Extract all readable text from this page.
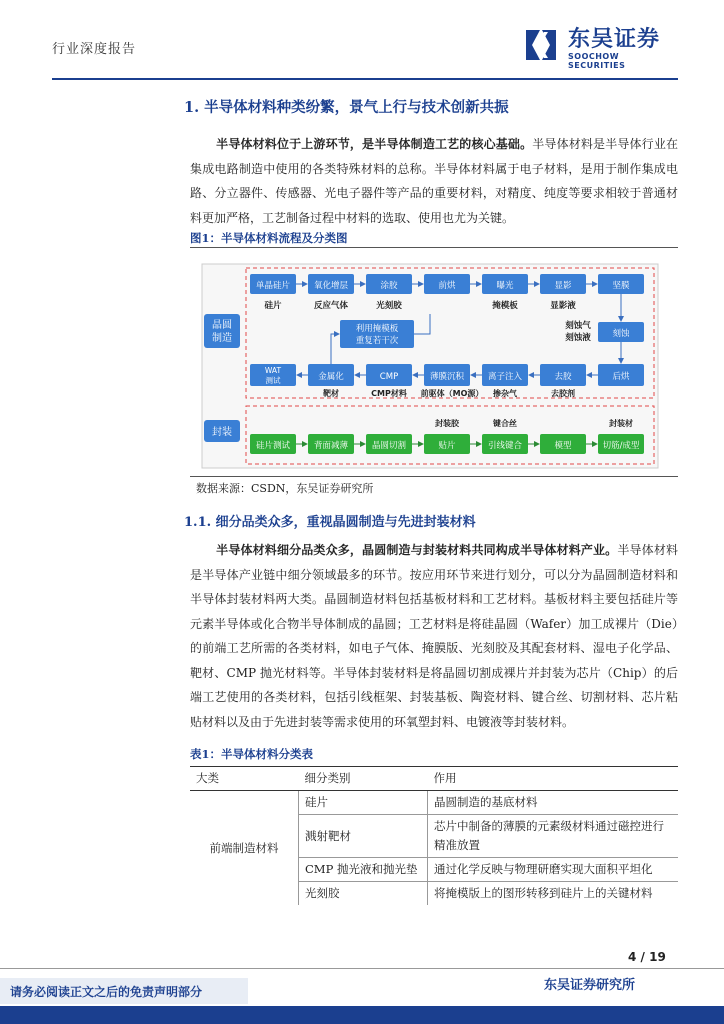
行业深度报告	东吴证券
SOOCHOW SECURITIES
1. 半导体材料种类纷繁，景气上行与技术创新共振
半导体材料位于上游环节，是半导体制造工艺的核心基础。半导体材料是半导体行业在集成电路制造中使用的各类特殊材料的总称。半导体材料属于电子材料，是用于制作集成电路、分立器件、传感器、光电子器件等产品的重要材料，对精度、纯度等要求相较于普通材料更加严格，工艺制备过程中材料的选取、使用也尤为关键。
图1：半导体材料流程及分类图
晶圆
制造
封装
单晶硅片	氧化增层	涂胶	前烘	曝光	显影	坚膜
硅片	反应气体	光刻胶	掩模板	显影液
利用掩模板
重复若干次
刻蚀气
刻蚀液	刻蚀
WAT
测试	金属化	CMP	薄膜沉积	离子注入	去胶	后烘
靶材	CMP材料 前驱体（MO源） 掺杂气	去胶剂
封装胶	键合丝	封装材
硅片测试	背面减薄	晶圆切割	贴片	引线键合	模型	切筋/成型
数据来源：CSDN，东吴证券研究所
1.1. 细分品类众多，重视晶圆制造与先进封装材料
半导体材料细分品类众多，晶圆制造与封装材料共同构成半导体材料产业。半导体材料是半导体产业链中细分领域最多的环节。按应用环节来进行划分，可以分为晶圆制造材料和半导体封装材料两大类。晶圆制造材料包括基板材料和工艺材料。基板材料主要包括硅片等元素半导体或化合物半导体制成的晶圆；工艺材料是将硅晶圆（Wafer）加工成裸片（Die）的前端工艺所需的各类材料，如电子气体、掩膜版、光刻胶及其配套材料、湿电子化学品、靶材、CMP 抛光材料等。半导体封装材料是将晶圆切割成裸片并封装为芯片（Chip）的后端工艺使用的各类材料，包括引线框架、封装基板、陶瓷材料、键合丝、切割材料、芯片粘贴材料以及由于先进封装等需求使用的环氧塑封料、电镀液等封装材料。
表1：半导体材料分类表
大类	细分类别	作用
前端制造材料	硅片	晶圆制造的基底材料
	溅射靶材	芯片中制备的薄膜的元素级材料通过磁控进行精准放置
	CMP 抛光液和抛光垫	通过化学反映与物理研磨实现大面积平坦化
	光刻胶	将掩模版上的图形转移到硅片上的关键材料
4 / 19
请务必阅读正文之后的免责声明部分	东吴证券研究所
